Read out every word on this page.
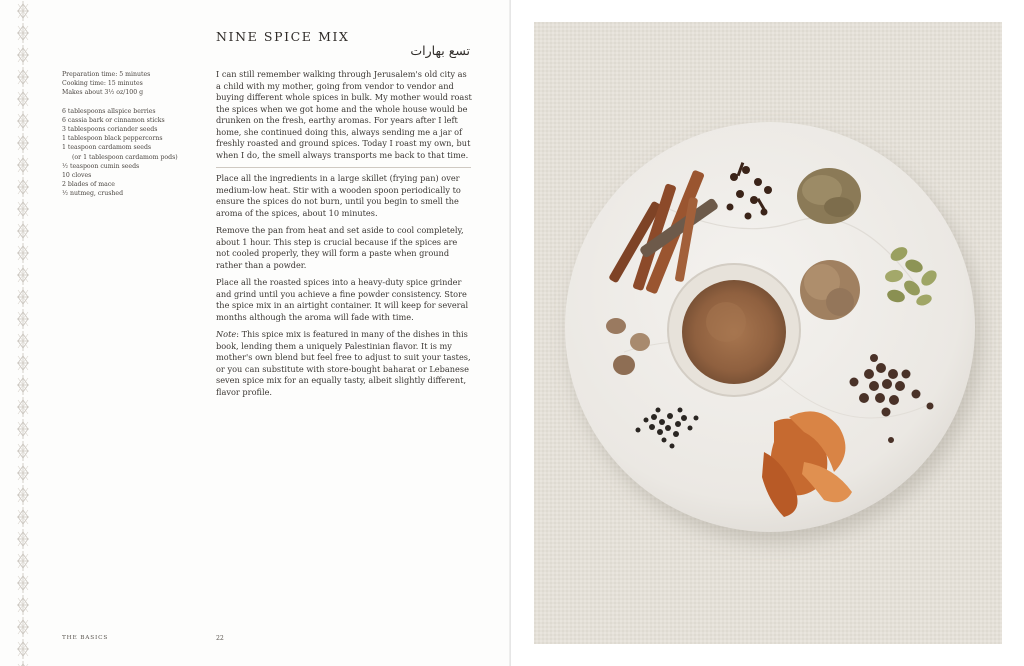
NINE SPICE MIX
تسع بهارات
Preparation time: 5 minutes
Cooking time: 15 minutes
Makes about 3½ oz/100 g
6 tablespoons allspice berries
6 cassia bark or cinnamon sticks
3 tablespoons coriander seeds
1 tablespoon black peppercorns
1 teaspoon cardamom seeds
(or 1 tablespoon cardamom pods)
½ teaspoon cumin seeds
10 cloves
2 blades of mace
½ nutmeg, crushed

I can still remember walking through Jerusalem's old city as a child with my mother, going from vendor to vendor and buying different whole spices in bulk. My mother would roast the spices when we got home and the whole house would be drunken on the fresh, earthy aromas. For years after I left home, she continued doing this, always sending me a jar of freshly roasted and ground spices. Today I roast my own, but when I do, the smell always transports me back to that time.

Place all the ingredients in a large skillet (frying pan) over medium-low heat. Stir with a wooden spoon periodically to ensure the spices do not burn, until you begin to smell the aroma of the spices, about 10 minutes.

Remove the pan from heat and set aside to cool completely, about 1 hour. This step is crucial because if the spices are not cooled properly, they will form a paste when ground rather than a powder.

Place all the roasted spices into a heavy-duty spice grinder and grind until you achieve a fine powder consistency. Store the spice mix in an airtight container. It will keep for several months although the aroma will fade with time.

Note: This spice mix is featured in many of the dishes in this book, lending them a uniquely Palestinian flavor. It is my mother's own blend but feel free to adjust to suit your tastes, or you can substitute with store-bought baharat or Lebanese seven spice mix for an equally tasty, albeit slightly different, flavor profile.

THE BASICS	22
